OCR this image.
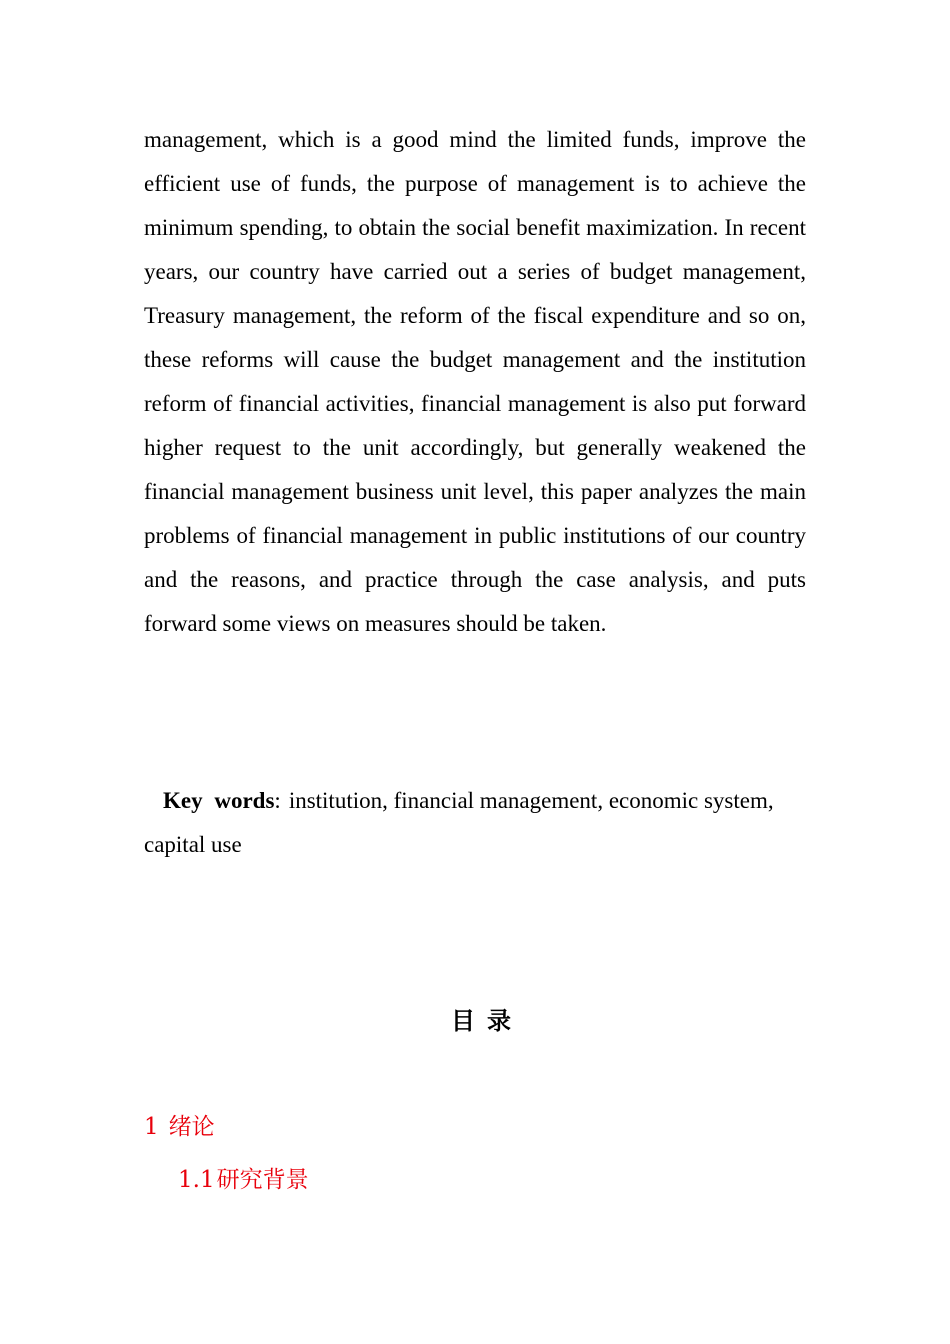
management, which is a good mind the limited funds, improve the efficient use of funds, the purpose of management is to achieve the minimum spending, to obtain the social benefit maximization. In recent years, our country have carried out a series of budget management, Treasury management, the reform of the fiscal expenditure and so on, these reforms will cause the budget management and the institution reform of financial activities, financial management is also put forward higher request to the unit accordingly, but generally weakened the financial management business unit level, this paper analyzes the main problems of financial management in public institutions of our country and the reasons, and practice through the case analysis, and puts forward some views on measures should be taken.

Key words: institution, financial management, economic system, capital use

目录
1 绪论
1.1研究背景
